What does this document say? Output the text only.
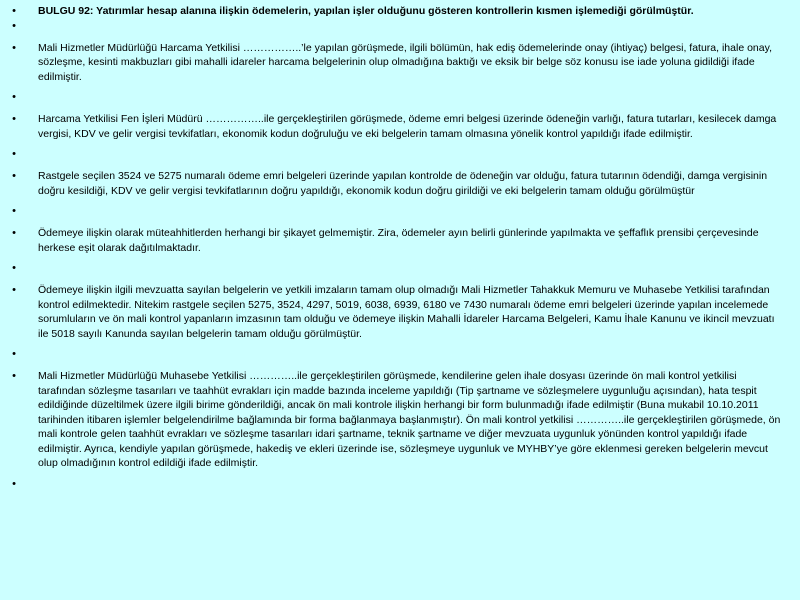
•	BULGU 92: Yatırımlar hesap alanına ilişkin ödemelerin, yapılan işler olduğunu gösteren kontrollerin kısmen işlemediği görülmüştür.
•
•	Mali Hizmetler Müdürlüğü Harcama Yetkilisi ……………..’le yapılan görüşmede, ilgili bölümün, hak ediş ödemelerinde onay (ihtiyaç) belgesi, fatura, ihale onay, sözleşme, kesinti makbuzları gibi mahalli idareler harcama belgelerinin olup olmadığına baktığı ve eksik bir belge söz konusu ise iade yoluna gidildiği ifade edilmiştir.
•
•	Harcama Yetkilisi Fen İşleri Müdürü ……………..ile gerçekleştirilen görüşmede, ödeme emri belgesi üzerinde ödeneğin varlığı, fatura tutarları, kesilecek damga vergisi, KDV ve gelir vergisi tevkifatları, ekonomik kodun doğruluğu ve eki belgelerin tamam olmasına yönelik kontrol yapıldığı ifade edilmiştir.
•
•	Rastgele seçilen 3524 ve 5275 numaralı ödeme emri belgeleri üzerinde yapılan kontrolde de ödeneğin var olduğu, fatura tutarının ödendiği, damga vergisinin doğru kesildiği, KDV ve gelir vergisi tevkifatlarının doğru yapıldığı, ekonomik kodun doğru girildiği ve eki belgelerin tamam olduğu görülmüştür
•
•	Ödemeye ilişkin olarak müteahhitlerden herhangi bir şikayet gelmemiştir. Zira, ödemeler ayın belirli günlerinde yapılmakta ve şeffaflık prensibi çerçevesinde herkese eşit olarak dağıtılmaktadır.
•
•	Ödemeye ilişkin ilgili mevzuatta sayılan belgelerin ve yetkili imzaların tamam olup olmadığı Mali Hizmetler Tahakkuk Memuru ve Muhasebe Yetkilisi tarafından kontrol edilmektedir. Nitekim rastgele seçilen 5275, 3524, 4297, 5019, 6038, 6939, 6180 ve 7430 numaralı ödeme emri belgeleri üzerinde yapılan incelemede sorumluların ve ön mali kontrol yapanların imzasının tam olduğu ve ödemeye ilişkin Mahalli İdareler Harcama Belgeleri, Kamu İhale Kanunu ve ikincil mevzuatı ile 5018 sayılı Kanunda sayılan belgelerin tamam olduğu görülmüştür.
•
•	Mali Hizmetler Müdürlüğü Muhasebe Yetkilisi …………..ile gerçekleştirilen görüşmede, kendilerine gelen ihale dosyası üzerinde ön mali kontrol yetkilisi tarafından sözleşme tasarıları ve taahhüt evrakları için madde bazında inceleme yapıldığı (Tip şartname ve sözleşmelere uygunluğu açısından), hata tespit edildiğinde düzeltilmek üzere ilgili birime gönderildiği, ancak ön mali kontrole ilişkin herhangi bir form bulunmadığı ifade edilmiştir (Buna mukabil 10.10.2011 tarihinden itibaren işlemler belgelendirilme bağlamında bir forma bağlanmaya başlanmıştır). Ön mali kontrol yetkilisi …………..ile gerçekleştirilen görüşmede, ön mali kontrole gelen taahhüt evrakları ve sözleşme tasarıları idari şartname, teknik şartname ve diğer mevzuata uygunluk yönünden kontrol yapıldığı ifade edilmiştir. Ayrıca, kendiyle yapılan görüşmede, hakediş ve ekleri üzerinde ise, sözleşmeye uygunluk ve MYHBY’ye göre eklenmesi gereken belgelerin mevcut olup olmadığının kontrol edildiği ifade edilmiştir.
•
